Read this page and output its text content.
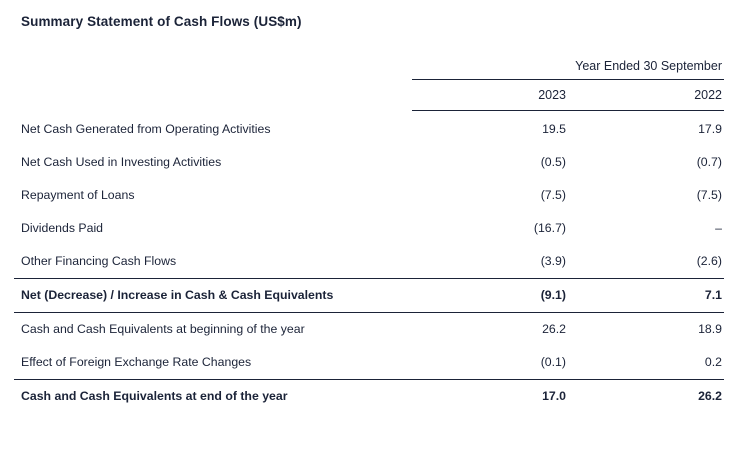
Summary Statement of Cash Flows (US$m)
	Year Ended 30 September	
	2023	2022
Net Cash Generated from Operating Activities	19.5	17.9
Net Cash Used in Investing Activities	(0.5)	(0.7)
Repayment of Loans	(7.5)	(7.5)
Dividends Paid	(16.7)	–
Other Financing Cash Flows	(3.9)	(2.6)
Net (Decrease) / Increase in Cash & Cash Equivalents	(9.1)	7.1
Cash and Cash Equivalents at beginning of the year	26.2	18.9
Effect of Foreign Exchange Rate Changes	(0.1)	0.2
Cash and Cash Equivalents at end of the year	17.0	26.2
